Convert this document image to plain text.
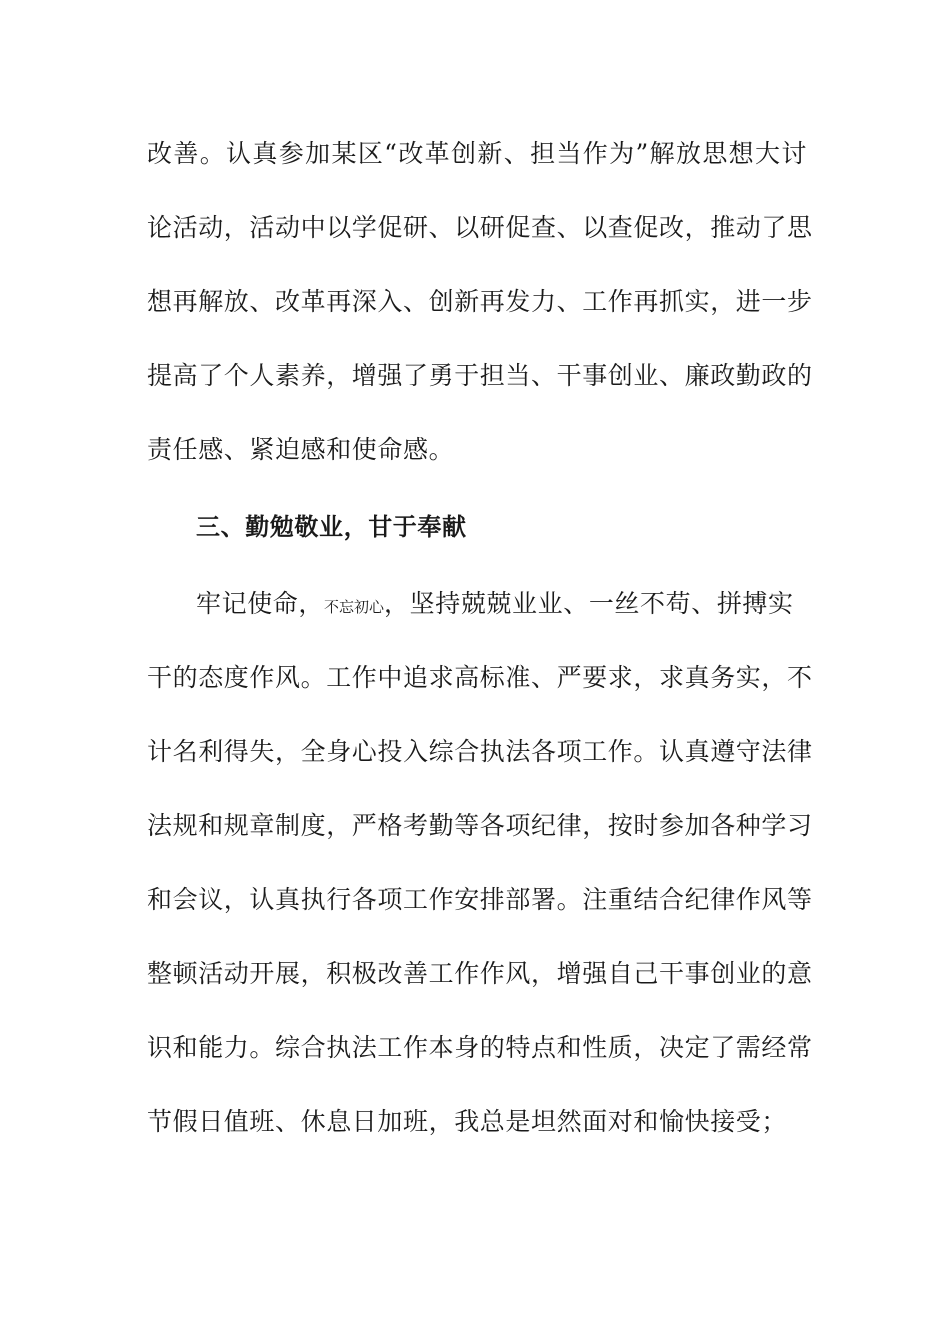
改善。认真参加某区“改革创新、担当作为”解放思想大讨
论活动，活动中以学促研、以研促查、以查促改，推动了思
想再解放、改革再深入、创新再发力、工作再抓实，进一步
提高了个人素养，增强了勇于担当、干事创业、廉政勤政的
责任感、紧迫感和使命感。
三、勤勉敬业，甘于奉献
牢记使命，不忘初心，坚持兢兢业业、一丝不苟、拼搏实
干的态度作风。工作中追求高标准、严要求，求真务实，不
计名利得失，全身心投入综合执法各项工作。认真遵守法律
法规和规章制度，严格考勤等各项纪律，按时参加各种学习
和会议，认真执行各项工作安排部署。注重结合纪律作风等
整顿活动开展，积极改善工作作风，增强自己干事创业的意
识和能力。综合执法工作本身的特点和性质，决定了需经常
节假日值班、休息日加班，我总是坦然面对和愉快接受；
